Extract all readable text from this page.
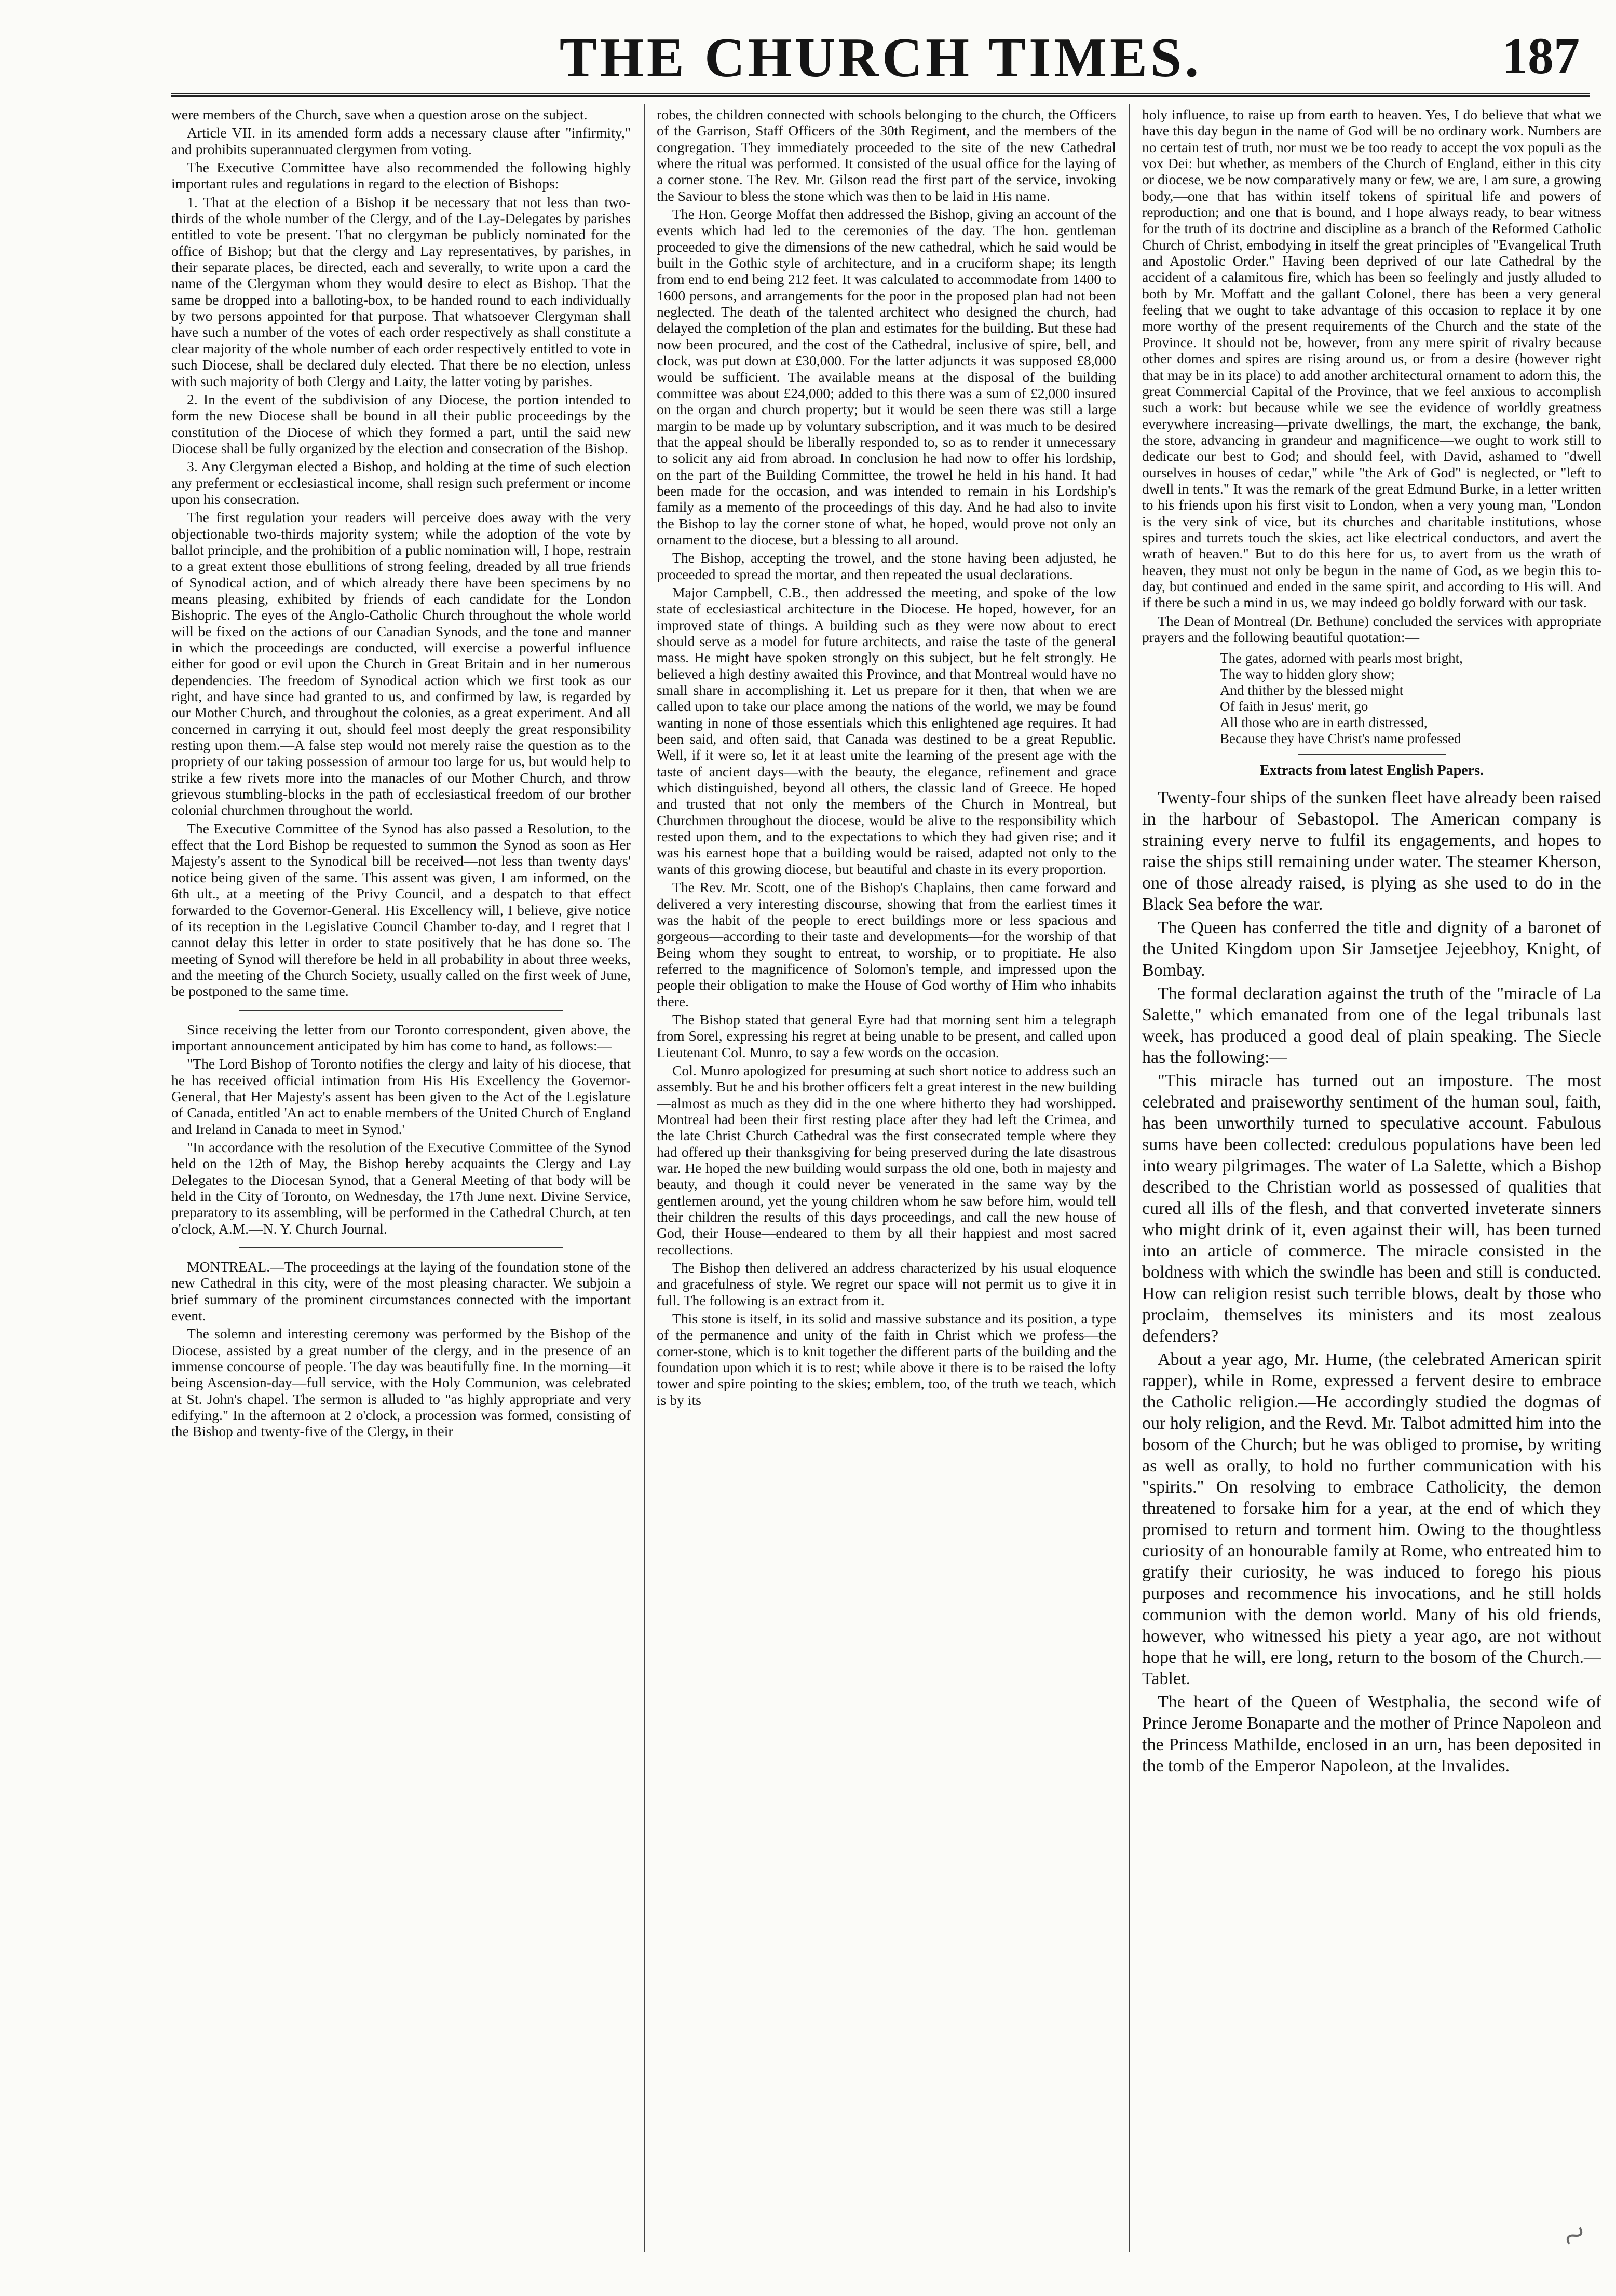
THE CHURCH TIMES.	187

were members of the Church, save when a question arose on the subject.

Article VII. in its amended form adds a necessary clause after "infirmity," and prohibits superannuated clergymen from voting.

The Executive Committee have also recommended the following highly important rules and regulations in regard to the election of Bishops:

1. That at the election of a Bishop it be necessary that not less than two-thirds of the whole number of the Clergy, and of the Lay-Delegates by parishes entitled to vote be present. That no clergyman be publicly nominated for the office of Bishop; but that the clergy and Lay representatives, by parishes, in their separate places, be directed, each and severally, to write upon a card the name of the Clergyman whom they would desire to elect as Bishop. That the same be dropped into a balloting-box, to be handed round to each individually by two persons appointed for that purpose. That whatsoever Clergyman shall have such a number of the votes of each order respectively as shall constitute a clear majority of the whole number of each order respectively entitled to vote in such Diocese, shall be declared duly elected. That there be no election, unless with such majority of both Clergy and Laity, the latter voting by parishes.

2. In the event of the subdivision of any Diocese, the portion intended to form the new Diocese shall be bound in all their public proceedings by the constitution of the Diocese of which they formed a part, until the said new Diocese shall be fully organized by the election and consecration of the Bishop.

3. Any Clergyman elected a Bishop, and holding at the time of such election any preferment or ecclesiastical income, shall resign such preferment or income upon his consecration.

The first regulation your readers will perceive does away with the very objectionable two-thirds majority system; while the adoption of the vote by ballot principle, and the prohibition of a public nomination will, I hope, restrain to a great extent those ebullitions of strong feeling, dreaded by all true friends of Synodical action, and of which already there have been specimens by no means pleasing, exhibited by friends of each candidate for the London Bishopric. The eyes of the Anglo-Catholic Church throughout the whole world will be fixed on the actions of our Canadian Synods, and the tone and manner in which the proceedings are conducted, will exercise a powerful influence either for good or evil upon the Church in Great Britain and in her numerous dependencies. The freedom of Synodical action which we first took as our right, and have since had granted to us, and confirmed by law, is regarded by our Mother Church, and throughout the colonies, as a great experiment. And all concerned in carrying it out, should feel most deeply the great responsibility resting upon them.—A false step would not merely raise the question as to the propriety of our taking possession of armour too large for us, but would help to strike a few rivets more into the manacles of our Mother Church, and throw grievous stumbling-blocks in the path of ecclesiastical freedom of our brother colonial churchmen throughout the world.

The Executive Committee of the Synod has also passed a Resolution, to the effect that the Lord Bishop be requested to summon the Synod as soon as Her Majesty's assent to the Synodical bill be received—not less than twenty days' notice being given of the same. This assent was given, I am informed, on the 6th ult., at a meeting of the Privy Council, and a despatch to that effect forwarded to the Governor-General. His Excellency will, I believe, give notice of its reception in the Legislative Council Chamber to-day, and I regret that I cannot delay this letter in order to state positively that he has done so. The meeting of Synod will therefore be held in all probability in about three weeks, and the meeting of the Church Society, usually called on the first week of June, be postponed to the same time.

Since receiving the letter from our Toronto correspondent, given above, the important announcement anticipated by him has come to hand, as follows:—

"The Lord Bishop of Toronto notifies the clergy and laity of his diocese, that he has received official intimation from His His Excellency the Governor-General, that Her Majesty's assent has been given to the Act of the Legislature of Canada, entitled 'An act to enable members of the United Church of England and Ireland in Canada to meet in Synod.'

"In accordance with the resolution of the Executive Committee of the Synod held on the 12th of May, the Bishop hereby acquaints the Clergy and Lay Delegates to the Diocesan Synod, that a General Meeting of that body will be held in the City of Toronto, on Wednesday, the 17th June next. Divine Service, preparatory to its assembling, will be performed in the Cathedral Church, at ten o'clock, A.M.—N. Y. Church Journal.

MONTREAL.—The proceedings at the laying of the foundation stone of the new Cathedral in this city, were of the most pleasing character. We subjoin a brief summary of the prominent circumstances connected with the important event.

The solemn and interesting ceremony was performed by the Bishop of the Diocese, assisted by a great number of the clergy, and in the presence of an immense concourse of people. The day was beautifully fine. In the morning—it being Ascension-day—full service, with the Holy Communion, was celebrated at St. John's chapel. The sermon is alluded to "as highly appropriate and very edifying." In the afternoon at 2 o'clock, a procession was formed, consisting of the Bishop and twenty-five of the Clergy, in their

robes, the children connected with schools belonging to the church, the Officers of the Garrison, Staff Officers of the 30th Regiment, and the members of the congregation. They immediately proceeded to the site of the new Cathedral where the ritual was performed. It consisted of the usual office for the laying of a corner stone. The Rev. Mr. Gilson read the first part of the service, invoking the Saviour to bless the stone which was then to be laid in His name.

The Hon. George Moffat then addressed the Bishop, giving an account of the events which had led to the ceremonies of the day. The hon. gentleman proceeded to give the dimensions of the new cathedral, which he said would be built in the Gothic style of architecture, and in a cruciform shape; its length from end to end being 212 feet. It was calculated to accommodate from 1400 to 1600 persons, and arrangements for the poor in the proposed plan had not been neglected. The death of the talented architect who designed the church, had delayed the completion of the plan and estimates for the building. But these had now been procured, and the cost of the Cathedral, inclusive of spire, bell, and clock, was put down at £30,000. For the latter adjuncts it was supposed £8,000 would be sufficient. The available means at the disposal of the building committee was about £24,000; added to this there was a sum of £2,000 insured on the organ and church property; but it would be seen there was still a large margin to be made up by voluntary subscription, and it was much to be desired that the appeal should be liberally responded to, so as to render it unnecessary to solicit any aid from abroad. In conclusion he had now to offer his lordship, on the part of the Building Committee, the trowel he held in his hand. It had been made for the occasion, and was intended to remain in his Lordship's family as a memento of the proceedings of this day. And he had also to invite the Bishop to lay the corner stone of what, he hoped, would prove not only an ornament to the diocese, but a blessing to all around.

The Bishop, accepting the trowel, and the stone having been adjusted, he proceeded to spread the mortar, and then repeated the usual declarations.

Major Campbell, C.B., then addressed the meeting, and spoke of the low state of ecclesiastical architecture in the Diocese. He hoped, however, for an improved state of things. A building such as they were now about to erect should serve as a model for future architects, and raise the taste of the general mass. He might have spoken strongly on this subject, but he felt strongly. He believed a high destiny awaited this Province, and that Montreal would have no small share in accomplishing it. Let us prepare for it then, that when we are called upon to take our place among the nations of the world, we may be found wanting in none of those essentials which this enlightened age requires. It had been said, and often said, that Canada was destined to be a great Republic. Well, if it were so, let it at least unite the learning of the present age with the taste of ancient days—with the beauty, the elegance, refinement and grace which distinguished, beyond all others, the classic land of Greece. He hoped and trusted that not only the members of the Church in Montreal, but Churchmen throughout the diocese, would be alive to the responsibility which rested upon them, and to the expectations to which they had given rise; and it was his earnest hope that a building would be raised, adapted not only to the wants of this growing diocese, but beautiful and chaste in its every proportion.

The Rev. Mr. Scott, one of the Bishop's Chaplains, then came forward and delivered a very interesting discourse, showing that from the earliest times it was the habit of the people to erect buildings more or less spacious and gorgeous—according to their taste and developments—for the worship of that Being whom they sought to entreat, to worship, or to propitiate. He also referred to the magnificence of Solomon's temple, and impressed upon the people their obligation to make the House of God worthy of Him who inhabits there.

The Bishop stated that general Eyre had that morning sent him a telegraph from Sorel, expressing his regret at being unable to be present, and called upon Lieutenant Col. Munro, to say a few words on the occasion.

Col. Munro apologized for presuming at such short notice to address such an assembly. But he and his brother officers felt a great interest in the new building—almost as much as they did in the one where hitherto they had worshipped. Montreal had been their first resting place after they had left the Crimea, and the late Christ Church Cathedral was the first consecrated temple where they had offered up their thanksgiving for being preserved during the late disastrous war. He hoped the new building would surpass the old one, both in majesty and beauty, and though it could never be venerated in the same way by the gentlemen around, yet the young children whom he saw before him, would tell their children the results of this days proceedings, and call the new house of God, their House—endeared to them by all their happiest and most sacred recollections.

The Bishop then delivered an address characterized by his usual eloquence and gracefulness of style. We regret our space will not permit us to give it in full. The following is an extract from it.

This stone is itself, in its solid and massive substance and its position, a type of the permanence and unity of the faith in Christ which we profess—the corner-stone, which is to knit together the different parts of the building and the foundation upon which it is to rest; while above it there is to be raised the lofty tower and spire pointing to the skies; emblem, too, of the truth we teach, which is by its

holy influence, to raise up from earth to heaven. Yes, I do believe that what we have this day begun in the name of God will be no ordinary work. Numbers are no certain test of truth, nor must we be too ready to accept the vox populi as the vox Dei: but whether, as members of the Church of England, either in this city or diocese, we be now comparatively many or few, we are, I am sure, a growing body,—one that has within itself tokens of spiritual life and powers of reproduction; and one that is bound, and I hope always ready, to bear witness for the truth of its doctrine and discipline as a branch of the Reformed Catholic Church of Christ, embodying in itself the great principles of "Evangelical Truth and Apostolic Order." Having been deprived of our late Cathedral by the accident of a calamitous fire, which has been so feelingly and justly alluded to both by Mr. Moffatt and the gallant Colonel, there has been a very general feeling that we ought to take advantage of this occasion to replace it by one more worthy of the present requirements of the Church and the state of the Province. It should not be, however, from any mere spirit of rivalry because other domes and spires are rising around us, or from a desire (however right that may be in its place) to add another architectural ornament to adorn this, the great Commercial Capital of the Province, that we feel anxious to accomplish such a work: but because while we see the evidence of worldly greatness everywhere increasing—private dwellings, the mart, the exchange, the bank, the store, advancing in grandeur and magnificence—we ought to work still to dedicate our best to God; and should feel, with David, ashamed to "dwell ourselves in houses of cedar," while "the Ark of God" is neglected, or "left to dwell in tents." It was the remark of the great Edmund Burke, in a letter written to his friends upon his first visit to London, when a very young man, "London is the very sink of vice, but its churches and charitable institutions, whose spires and turrets touch the skies, act like electrical conductors, and avert the wrath of heaven." But to do this here for us, to avert from us the wrath of heaven, they must not only be begun in the name of God, as we begin this to-day, but continued and ended in the same spirit, and according to His will. And if there be such a mind in us, we may indeed go boldly forward with our task.

The Dean of Montreal (Dr. Bethune) concluded the services with appropriate prayers and the following beautiful quotation:—

The gates, adorned with pearls most bright,
The way to hidden glory show;
And thither by the blessed might
Of faith in Jesus' merit, go
All those who are in earth distressed,
Because they have Christ's name professed
Extracts from latest English Papers.

Twenty-four ships of the sunken fleet have already been raised in the harbour of Sebastopol. The American company is straining every nerve to fulfil its engagements, and hopes to raise the ships still remaining under water. The steamer Kherson, one of those already raised, is plying as she used to do in the Black Sea before the war.

The Queen has conferred the title and dignity of a baronet of the United Kingdom upon Sir Jamsetjee Jejeebhoy, Knight, of Bombay.

The formal declaration against the truth of the "miracle of La Salette," which emanated from one of the legal tribunals last week, has produced a good deal of plain speaking. The Siecle has the following:—

"This miracle has turned out an imposture. The most celebrated and praiseworthy sentiment of the human soul, faith, has been unworthily turned to speculative account. Fabulous sums have been collected: credulous populations have been led into weary pilgrimages. The water of La Salette, which a Bishop described to the Christian world as possessed of qualities that cured all ills of the flesh, and that converted inveterate sinners who might drink of it, even against their will, has been turned into an article of commerce. The miracle consisted in the boldness with which the swindle has been and still is conducted. How can religion resist such terrible blows, dealt by those who proclaim, themselves its ministers and its most zealous defenders?

About a year ago, Mr. Hume, (the celebrated American spirit rapper), while in Rome, expressed a fervent desire to embrace the Catholic religion.—He accordingly studied the dogmas of our holy religion, and the Revd. Mr. Talbot admitted him into the bosom of the Church; but he was obliged to promise, by writing as well as orally, to hold no further communication with his "spirits." On resolving to embrace Catholicity, the demon threatened to forsake him for a year, at the end of which they promised to return and torment him. Owing to the thoughtless curiosity of an honourable family at Rome, who entreated him to gratify their curiosity, he was induced to forego his pious purposes and recommence his invocations, and he still holds communion with the demon world. Many of his old friends, however, who witnessed his piety a year ago, are not without hope that he will, ere long, return to the bosom of the Church.—Tablet.

The heart of the Queen of Westphalia, the second wife of Prince Jerome Bonaparte and the mother of Prince Napoleon and the Princess Mathilde, enclosed in an urn, has been deposited in the tomb of the Emperor Napoleon, at the Invalides.

~
